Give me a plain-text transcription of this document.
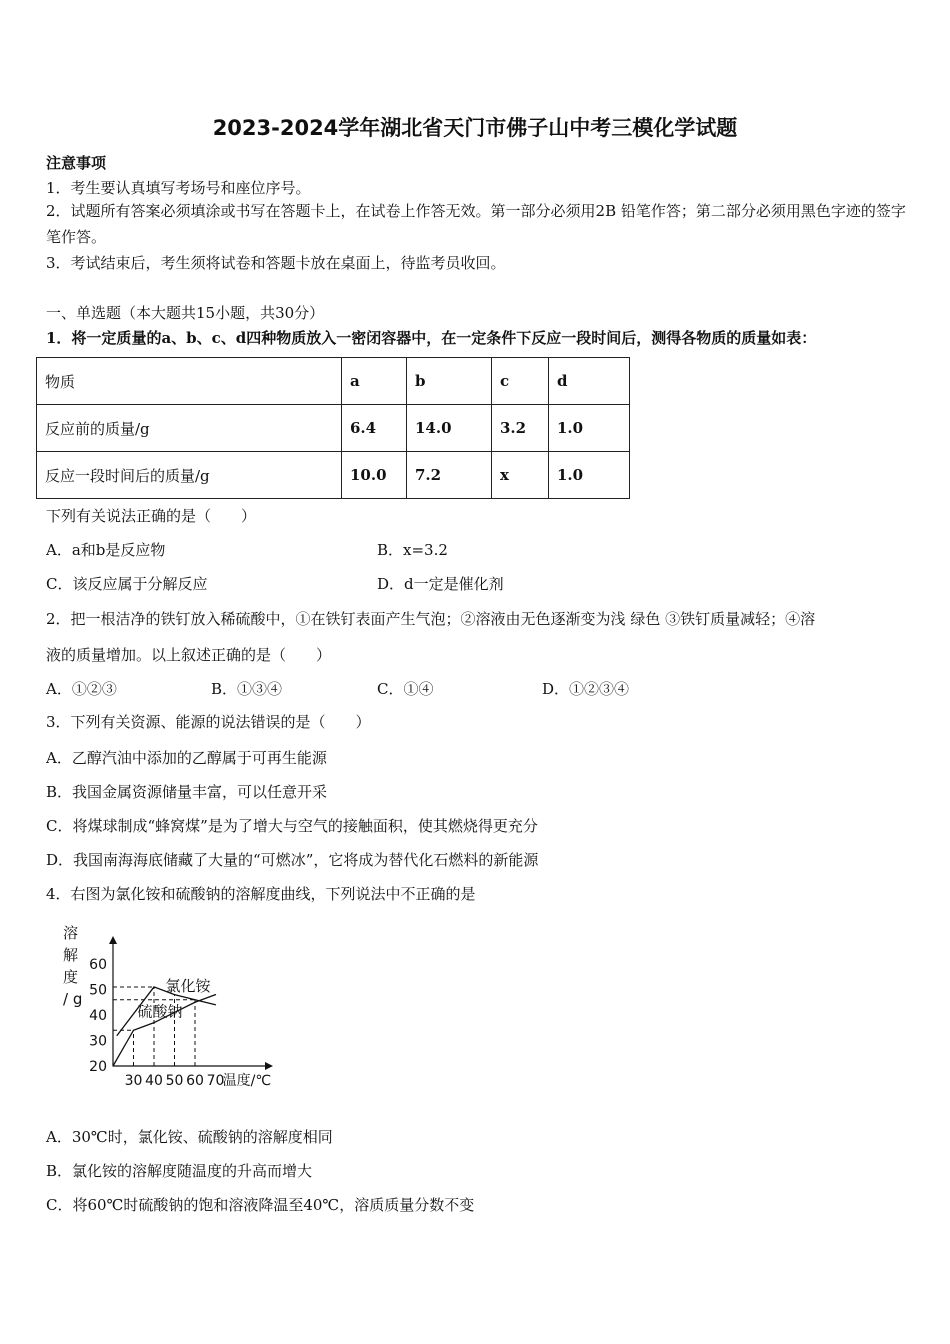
2023-2024学年湖北省天门市佛子山中考三模化学试题
注意事项
1．考生要认真填写考场号和座位序号。
2．试题所有答案必须填涂或书写在答题卡上，在试卷上作答无效。第一部分必须用2B 铅笔作答；第二部分必须用黑色字迹的签字笔作答。
3．考试结束后，考生须将试卷和答题卡放在桌面上，待监考员收回。
一、单选题（本大题共15小题，共30分）
1．将一定质量的a、b、c、d四种物质放入一密闭容器中，在一定条件下反应一段时间后，测得各物质的质量如表：
物质	a	b	c	d
反应前的质量/g	6.4	14.0	3.2	1.0
反应一段时间后的质量/g	10.0	7.2	x	1.0
下列有关说法正确的是（　　）
A．a和b是反应物	B．x=3.2
C．该反应属于分解反应	D．d一定是催化剂
2．把一根洁净的铁钉放入稀硫酸中，①在铁钉表面产生气泡；②溶液由无色逐渐变为浅 绿色 ③铁钉质量减轻；④溶
液的质量增加。以上叙述正确的是（　　）
A．①②③	B．①③④	C．①④	D．①②③④
3．下列有关资源、能源的说法错误的是（　　）
A．乙醇汽油中添加的乙醇属于可再生能源
B．我国金属资源储量丰富，可以任意开采
C．将煤球制成“蜂窝煤”是为了增大与空气的接触面积，使其燃烧得更充分
D．我国南海海底储藏了大量的“可燃冰”，它将成为替代化石燃料的新能源
4．右图为氯化铵和硫酸钠的溶解度曲线，下列说法中不正确的是
溶
解
度
/ g
20
30
40
50
60
30 40 50 60 70
温度/℃
氯化铵
硫酸钠
A．30℃时，氯化铵、硫酸钠的溶解度相同
B．氯化铵的溶解度随温度的升高而增大
C．将60℃时硫酸钠的饱和溶液降温至40℃，溶质质量分数不变
